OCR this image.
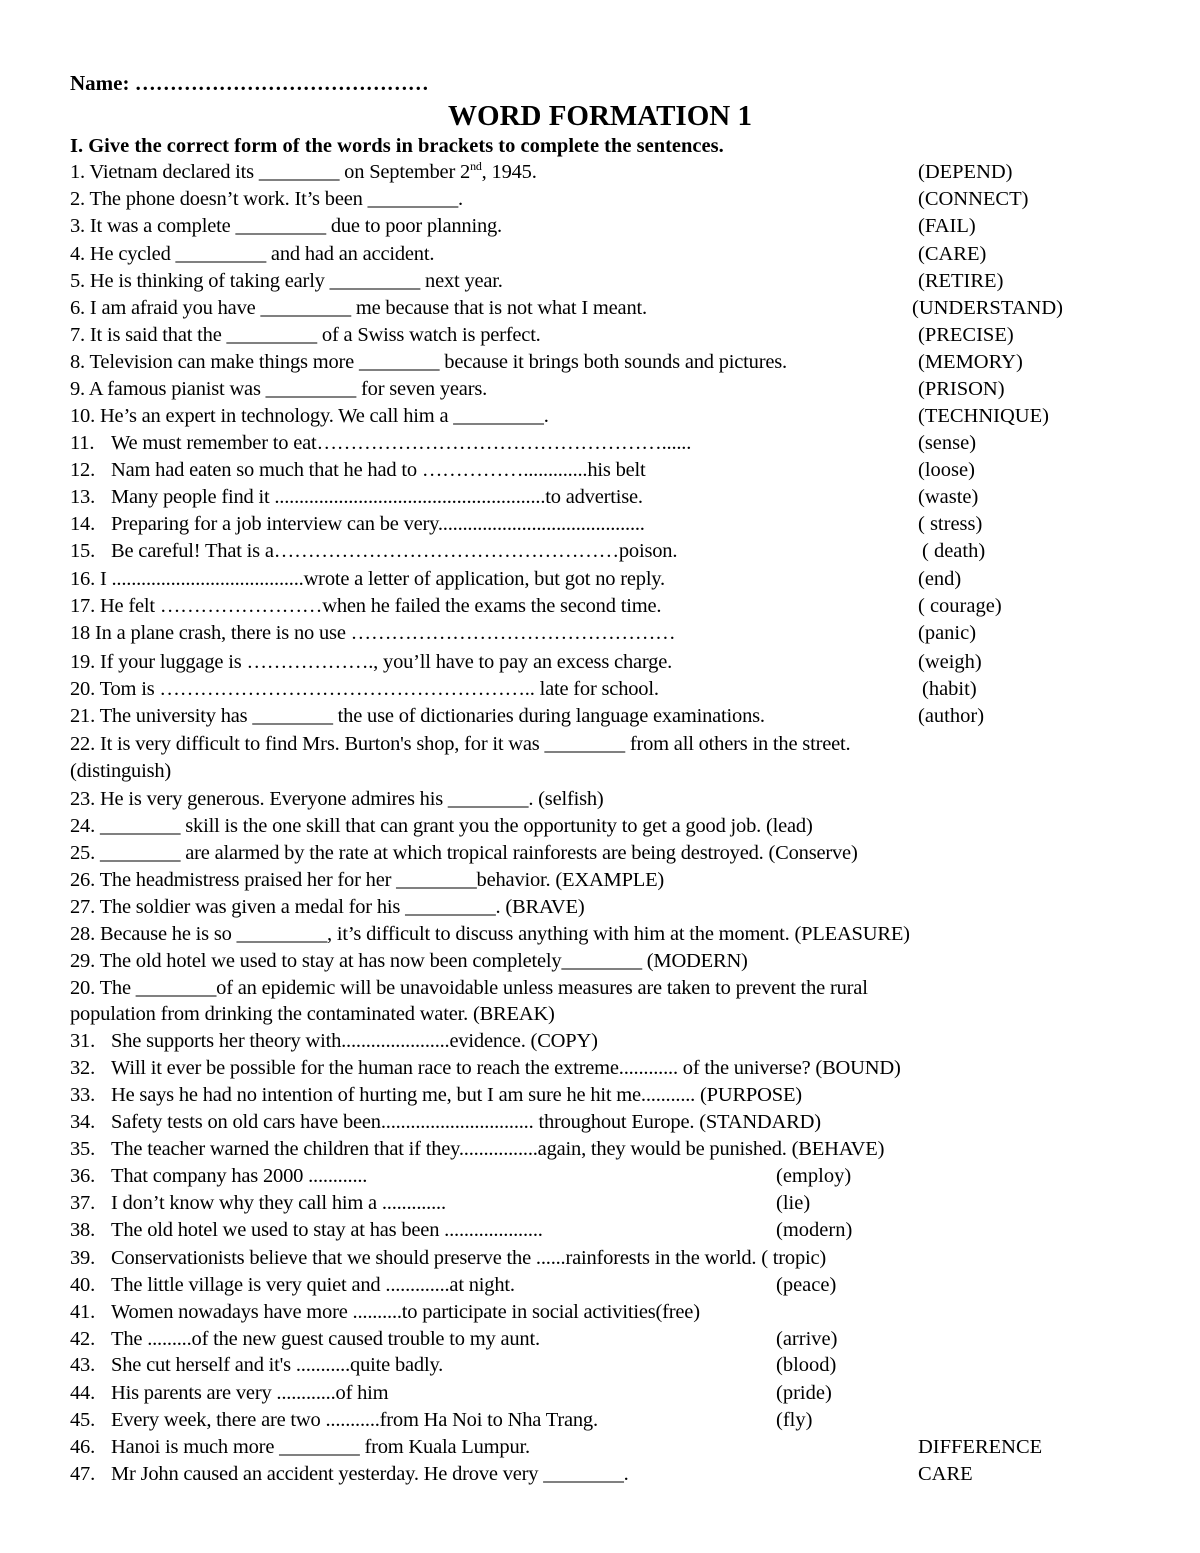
Name: ……………………………………
WORD FORMATION 1
I. Give the correct form of the words in brackets to complete the sentences.
1. Vietnam declared its ________ on September 2nd, 1945.	(DEPEND)
2. The phone doesn’t work. It’s been _________.	(CONNECT)
3. It was a complete _________ due to poor planning.	(FAIL)
4. He cycled _________ and had an accident.	(CARE)
5. He is thinking of taking early _________ next year.	(RETIRE)
6. I am afraid you have _________ me because that is not what I meant.	(UNDERSTAND)
7. It is said that the _________ of a Swiss watch is perfect.	(PRECISE)
8. Television can make things more ________ because it brings both sounds and pictures.	(MEMORY)
9. A famous pianist was _________ for seven years.	(PRISON)
10. He’s an expert in technology. We call him a _________.	(TECHNIQUE)
11. We must remember to eat……………………………………………......	(sense)
12. Nam had eaten so much that he had to …………….............his belt	(loose)
13. Many people find it .......................................................to advertise.	(waste)
14. Preparing for a job interview can be very..........................................	( stress)
15. Be careful! That is a……………………………………………poison.	( death)
16. I .......................................wrote a letter of application, but got no reply.	(end)
17. He felt ……………………when he failed the exams the second time.	( courage)
18 In a plane crash, there is no use …………………………………………	(panic)
19. If your luggage is ………………., you’ll have to pay an excess charge.	(weigh)
20. Tom is ……………………………………………….. late for school.	(habit)
21. The university has ________ the use of dictionaries during language examinations.	(author)
22. It is very difficult to find Mrs. Burton's shop, for it was ________ from all others in the street.
(distinguish)
23. He is very generous. Everyone admires his ________. (selfish)
24. ________ skill is the one skill that can grant you the opportunity to get a good job. (lead)
25. ________ are alarmed by the rate at which tropical rainforests are being destroyed. (Conserve)
26. The headmistress praised her for her ________behavior. (EXAMPLE)
27. The soldier was given a medal for his _________. (BRAVE)
28. Because he is so _________, it’s difficult to discuss anything with him at the moment. (PLEASURE)
29. The old hotel we used to stay at has now been completely________ (MODERN)
20. The ________of an epidemic will be unavoidable unless measures are taken to prevent the rural
population from drinking the contaminated water. (BREAK)
31. She supports her theory with......................evidence. (COPY)
32. Will it ever be possible for the human race to reach the extreme............ of the universe? (BOUND)
33. He says he had no intention of hurting me, but I am sure he hit me........... (PURPOSE)
34. Safety tests on old cars have been............................... throughout Europe. (STANDARD)
35. The teacher warned the children that if they................again, they would be punished. (BEHAVE)
36. That company has 2000 ............	(employ)
37. I don’t know why they call him a .............	(lie)
38. The old hotel we used to stay at has been ....................	(modern)
39. Conservationists believe that we should preserve the ......rainforests in the world. ( tropic)
40. The little village is very quiet and .............at night.	(peace)
41. Women nowadays have more ..........to participate in social activities(free)
42. The .........of the new guest caused trouble to my aunt.	(arrive)
43. She cut herself and it's ...........quite badly.	(blood)
44. His parents are very ............of him	(pride)
45. Every week, there are two ...........from Ha Noi to Nha Trang.	(fly)
46. Hanoi is much more ________ from Kuala Lumpur.	DIFFERENCE
47. Mr John caused an accident yesterday. He drove very ________.	CARE
